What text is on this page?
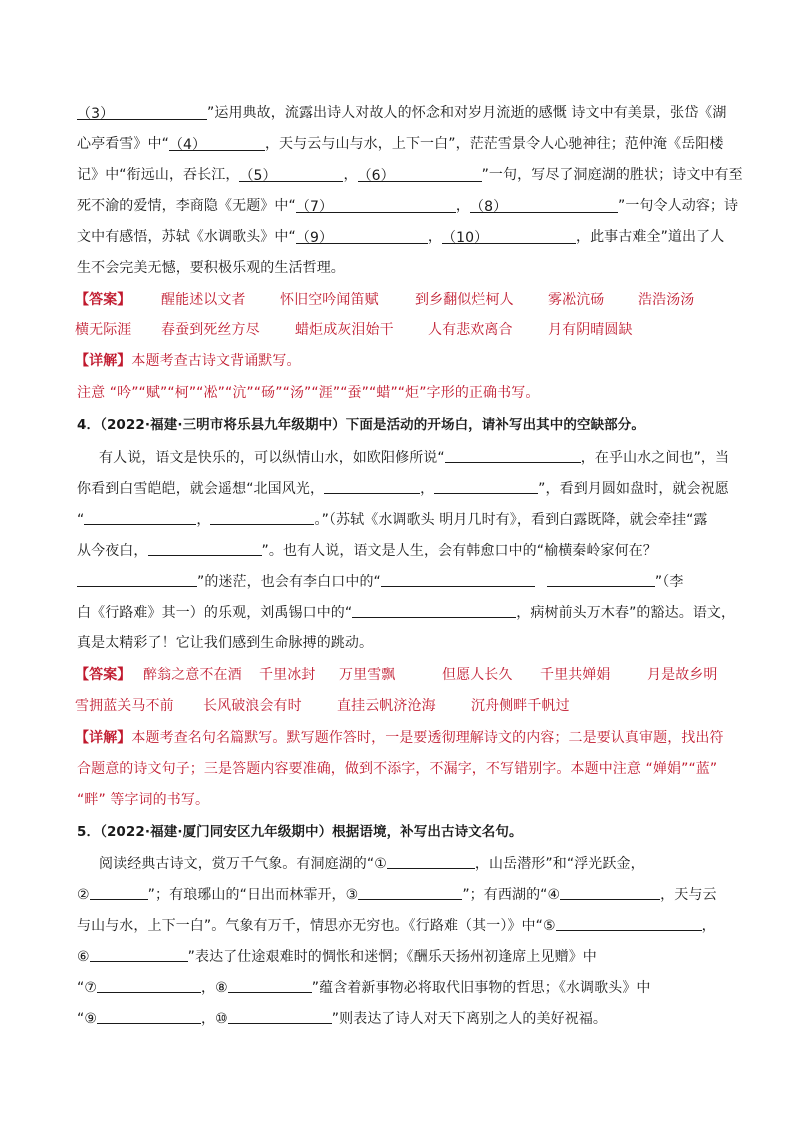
（3）	”运用典故，流露出诗人对故人的怀念和对岁月流逝的感慨 诗文中有美景，张岱《湖
心亭看雪》中“（4）	，天与云与山与水，上下一白”，茫茫雪景令人心驰神往；范仲淹《岳阳楼
记》中“衔远山，吞长江，（5）	，（6）	”一句，写尽了洞庭湖的胜状；诗文中有至
死不渝的爱情，李商隐《无题》中“（7）	，（8）	”一句令人动容；诗
文中有感悟，苏轼《水调歌头》中“（9）	，（10）	，此事古难全”道出了人
生不会完美无憾，要积极乐观的生活哲理。
【答案】 醒能述以文者 怀旧空吟闻笛赋	到乡翻似烂柯人 雾凇沆砀 浩浩汤汤
横无际涯 春蚕到死丝方尽	蜡炬成灰泪始干 人有悲欢离合	月有阴晴圆缺
【详解】本题考查古诗文背诵默写。
注意 “吟”“赋”“柯”“凇”“沆”“砀”“汤”“涯”“蚕”“蜡”“炬”字形的正确书写。
4．（2022·福建·三明市将乐县九年级期中）下面是活动的开场白，请补写出其中的空缺部分。
有人说，语文是快乐的，可以纵情山水，如欧阳修所说“	，在乎山水之间也”，当
你看到白雪皑皑，就会遥想“北国风光，	，	”，看到月圆如盘时，就会祝愿
“	，	。”（苏轼《水调歌头 明月几时有》，看到白露既降，就会牵挂“露
从今夜白，	”。也有人说，语文是人生，会有韩愈口中的“榆横秦岭家何在？
”的迷茫，也会有李白口中的“	”（李
白《行路难》其一）的乐观，刘禹锡口中的“	，病树前头万木春”的豁达。语文，
真是太精彩了！它让我们感到生命脉搏的跳动。
【答案】 醉翁之意不在酒 千里冰封 万里雪飘	但愿人长久 千里共婵娟	月是故乡明
雪拥蓝关马不前 长风破浪会有时	直挂云帆济沧海	沉舟侧畔千帆过
【详解】本题考查名句名篇默写。默写题作答时，一是要透彻理解诗文的内容；二是要认真审题，找出符
合题意的诗文句子；三是答题内容要准确，做到不添字，不漏字，不写错别字。本题中注意 “婵娟”“蓝”
“畔” 等字词的书写。
5．（2022·福建·厦门同安区九年级期中）根据语境，补写出古诗文名句。
阅读经典古诗文，赏万千气象。有洞庭湖的“①	，山岳潜形”和“浮光跃金，
②	”；有琅琊山的“日出而林霏开，③	”；有西湖的“④	，天与云
与山与水，上下一白”。气象有万千，情思亦无穷也。《行路难（其一）》中“⑤	，
⑥	”表达了仕途艰难时的惆怅和迷惘；《酬乐天扬州初逢席上见赠》中
“⑦	，⑧	”蕴含着新事物必将取代旧事物的哲思；《水调歌头》中
“⑨	，⑩	”则表达了诗人对天下离别之人的美好祝福。
